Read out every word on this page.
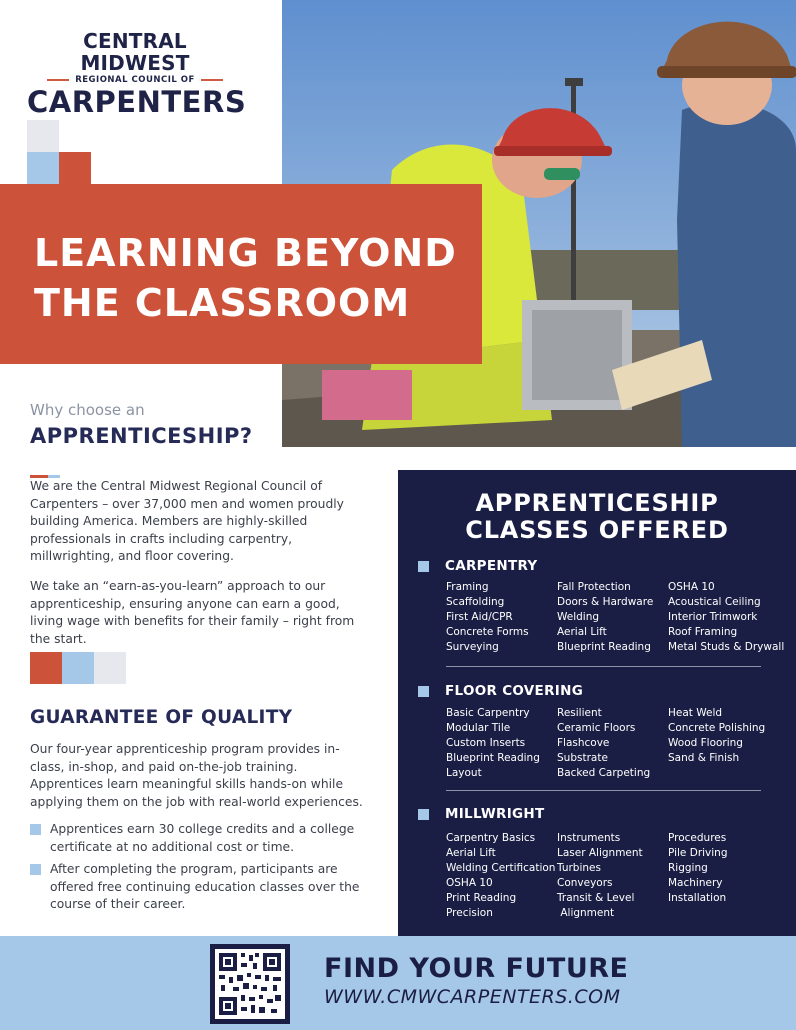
CENTRAL MIDWEST
REGIONAL COUNCIL OF
CARPENTERS
LEARNING BEYOND
THE CLASSROOM
Why choose an
APPRENTICESHIP?
We are the Central Midwest Regional Council of Carpenters – over 37,000 men and women proudly building America. Members are highly-skilled professionals in crafts including carpentry, millwrighting, and floor covering.
We take an “earn-as-you-learn” approach to our apprenticeship, ensuring anyone can earn a good, living wage with benefits for their family – right from the start.
GUARANTEE OF QUALITY
Our four-year apprenticeship program provides in-class, in-shop, and paid on-the-job training. Apprentices learn meaningful skills hands-on while applying them on the job with real-world experiences.
Apprentices earn 30 college credits and a college certificate at no additional cost or time.
After completing the program, participants are offered free continuing education classes over the course of their career.
APPRENTICESHIP
CLASSES OFFERED
CARPENTRY
Framing
Scaffolding
First Aid/CPR
Concrete Forms
Surveying
Fall Protection
Doors & Hardware
Welding
Aerial Lift
Blueprint Reading
OSHA 10
Acoustical Ceiling
Interior Trimwork
Roof Framing
Metal Studs & Drywall
FLOOR COVERING
Basic Carpentry
Modular Tile
Custom Inserts
Blueprint Reading
Layout
Resilient
Ceramic Floors
Flashcove
Substrate
Backed Carpeting
Heat Weld
Concrete Polishing
Wood Flooring
Sand & Finish
MILLWRIGHT
Carpentry Basics
Aerial Lift
Welding Certification
OSHA 10
Print Reading
Precision
Instruments
Laser Alignment
Turbines
Conveyors
Transit & Level
Alignment
Procedures
Pile Driving
Rigging
Machinery
Installation
FIND YOUR FUTURE
WWW.CMWCARPENTERS.COM
